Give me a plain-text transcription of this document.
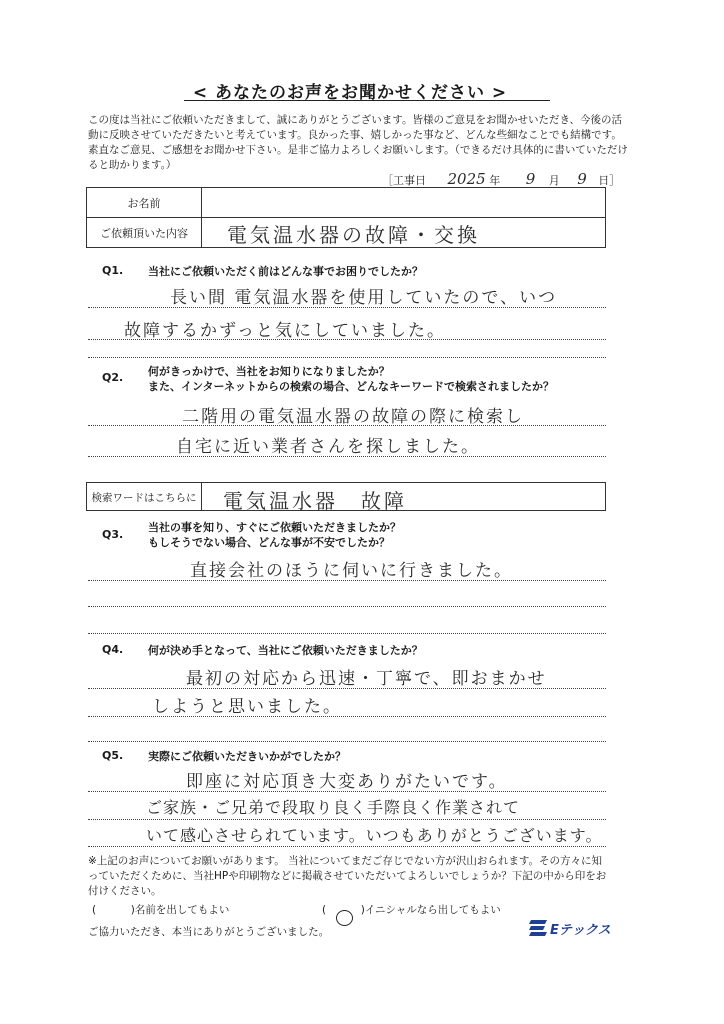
< あなたのお声をお聞かせください >
この度は当社にご依頼いただきまして、誠にありがとうございます。皆様のご意見をお聞かせいただき、今後の活動に反映させていただきたいと考えています。良かった事、嬉しかった事など、どんな些細なことでも結構です。素直なご意見、ご感想をお聞かせ下さい。是非ご協力よろしくお願いします。（できるだけ具体的に書いていただけると助かります。）
［工事日 2025 年 9 月 9 日］
お名前
ご依頼頂いた内容	電気温水器の故障・交換
Q1. 当社にご依頼いただく前はどんな事でお困りでしたか？
長い間 電気温水器を使用していたので、いつ
故障するかずっと気にしていました。
Q2. 何がきっかけで、当社をお知りになりましたか？
また、インターネットからの検索の場合、どんなキーワードで検索されましたか？
二階用の電気温水器の故障の際に検索し
自宅に近い業者さんを探しました。
検索ワードはこちらに 電気温水器　故障
Q3.
当社の事を知り、すぐにご依頼いただきましたか？
もしそうでない場合、どんな事が不安でしたか？
直接会社のほうに伺いに行きました。
Q4. 何が決め手となって、当社にご依頼いただきましたか？
最初の対応から迅速・丁寧で、即おまかせ
しようと思いました。
Q5. 実際にご依頼いただきいかがでしたか？
即座に対応頂き大変ありがたいです。
ご家族・ご兄弟で段取り良く手際良く作業されて
いて感心させられています。いつもありがとうございます。
※上記のお声についてお願いがあります。 当社についてまだご存じでない方が沢山おられます。その方々に知っていただくために、当社HPや印刷物などに掲載させていただいてよろしいでしょうか？下記の中から印をお付けください。
(	)名前を出してもよい	(	)イニシャルなら出してもよい
ご協力いただき、本当にありがとうございました。	Eテックス
